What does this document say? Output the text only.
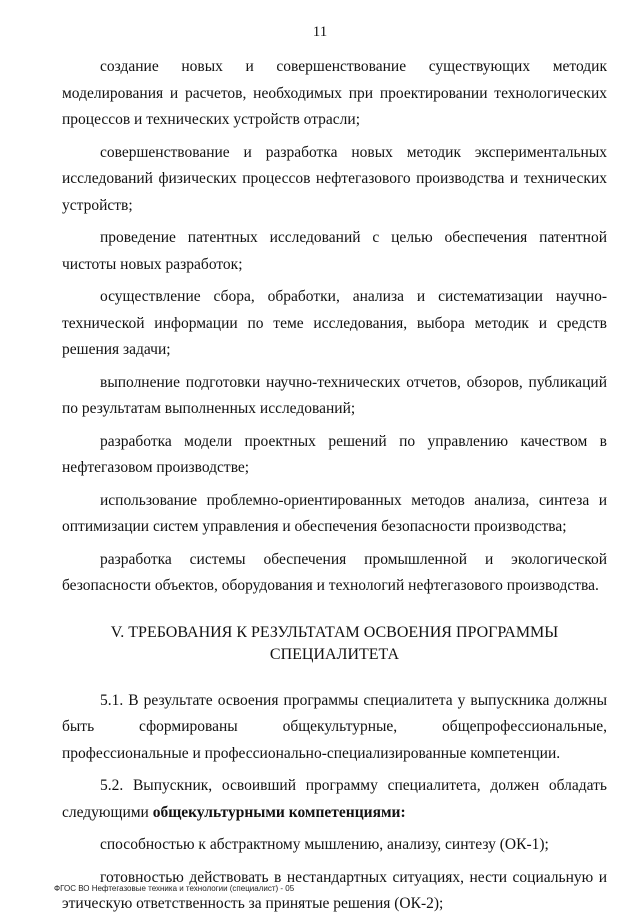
11

создание новых и совершенствование существующих методик моделирования и расчетов, необходимых при проектировании технологических процессов и технических устройств отрасли;

совершенствование и разработка новых методик экспериментальных исследований физических процессов нефтегазового производства и технических устройств;

проведение патентных исследований с целью обеспечения патентной чистоты новых разработок;

осуществление сбора, обработки, анализа и систематизации научно-технической информации по теме исследования, выбора методик и средств решения задачи;

выполнение подготовки научно-технических отчетов, обзоров, публикаций по результатам выполненных исследований;

разработка модели проектных решений по управлению качеством в нефтегазовом производстве;

использование проблемно-ориентированных методов анализа, синтеза и оптимизации систем управления и обеспечения безопасности производства;

разработка системы обеспечения промышленной и экологической безопасности объектов, оборудования и технологий нефтегазового производства.

V. ТРЕБОВАНИЯ К РЕЗУЛЬТАТАМ ОСВОЕНИЯ ПРОГРАММЫ
СПЕЦИАЛИТЕТА

5.1. В результате освоения программы специалитета у выпускника должны быть сформированы общекультурные, общепрофессиональные, профессиональные и профессионально-специализированные компетенции.

5.2. Выпускник, освоивший программу специалитета, должен обладать следующими общекультурными компетенциями:

способностью к абстрактному мышлению, анализу, синтезу (ОК-1);

готовностью действовать в нестандартных ситуациях, нести социальную и этическую ответственность за принятые решения (ОК-2);

ФГОС ВО Нефтегазовые техника и технологии (специалист) - 05
